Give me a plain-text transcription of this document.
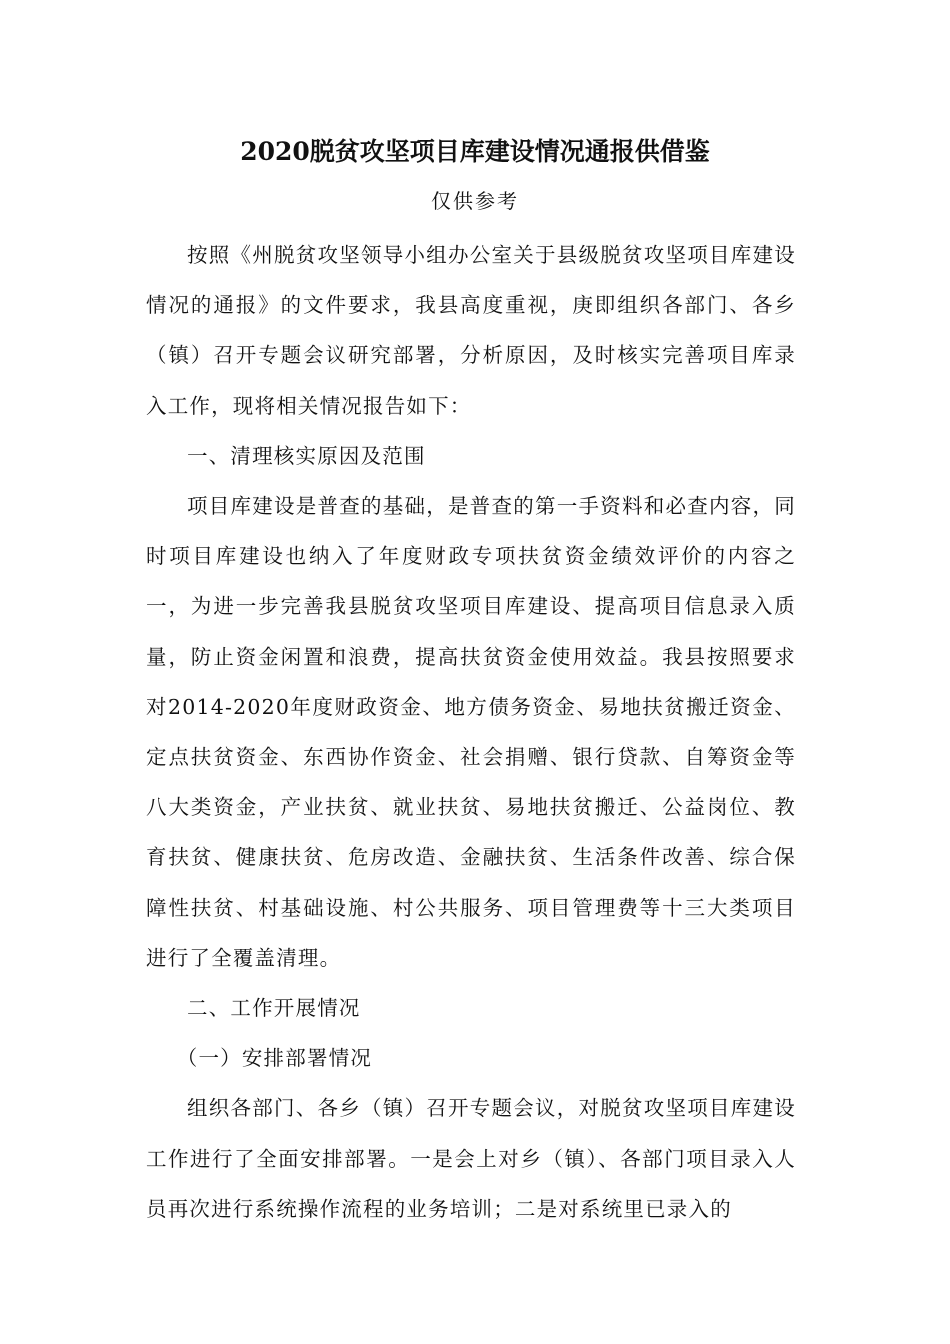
2020脱贫攻坚项目库建设情况通报供借鉴
仅供参考

按照《州脱贫攻坚领导小组办公室关于县级脱贫攻坚项目库建设情况的通报》的文件要求，我县高度重视，庚即组织各部门、各乡（镇）召开专题会议研究部署，分析原因，及时核实完善项目库录入工作，现将相关情况报告如下：

一、清理核实原因及范围

项目库建设是普查的基础，是普查的第一手资料和必查内容，同时项目库建设也纳入了年度财政专项扶贫资金绩效评价的内容之一，为进一步完善我县脱贫攻坚项目库建设、提高项目信息录入质量，防止资金闲置和浪费，提高扶贫资金使用效益。我县按照要求对2014-2020年度财政资金、地方债务资金、易地扶贫搬迁资金、定点扶贫资金、东西协作资金、社会捐赠、银行贷款、自筹资金等八大类资金，产业扶贫、就业扶贫、易地扶贫搬迁、公益岗位、教育扶贫、健康扶贫、危房改造、金融扶贫、生活条件改善、综合保障性扶贫、村基础设施、村公共服务、项目管理费等十三大类项目进行了全覆盖清理。

二、工作开展情况

（一）安排部署情况

组织各部门、各乡（镇）召开专题会议，对脱贫攻坚项目库建设工作进行了全面安排部署。一是会上对乡（镇）、各部门项目录入人员再次进行系统操作流程的业务培训；二是对系统里已录入的
